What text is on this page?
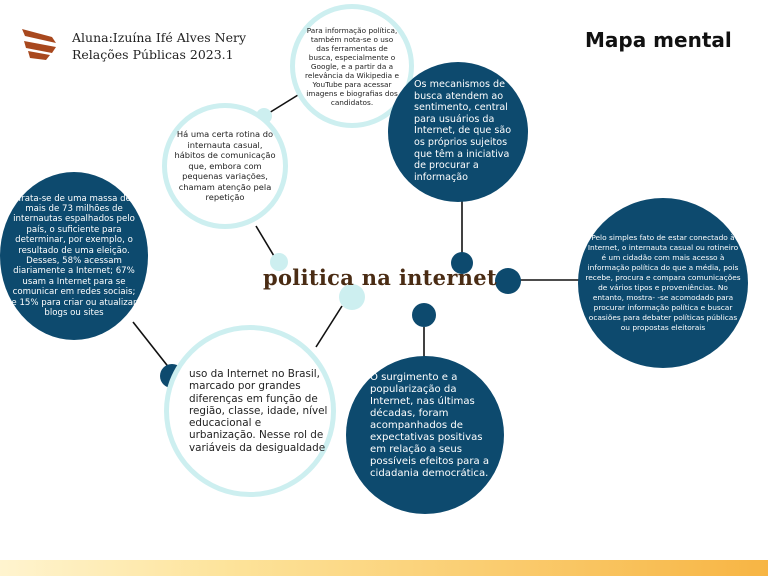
Aluna:Izuína Ifé Alves Nery
Relações Públicas 2023.1
Mapa mental
Para informação política, também nota-se o uso das ferramentas de busca, especialmente o Google, e a partir da a relevância da Wikipedia e YouTube para acessar imagens e biografias dos candidatos.
Há uma certa rotina do internauta casual, hábitos de comunicação que, embora com pequenas variações, chamam atenção pela repetição
Trata-se de uma massa de mais de 73 milhões de internautas espalhados pelo país, o suficiente para determinar, por exemplo, o resultado de uma eleição. Desses, 58% acessam diariamente a Internet; 67% usam a Internet para se comunicar em redes sociais; e 15% para criar ou atualizar blogs ou sites
Os mecanismos de busca atendem ao sentimento, central para usuários da Internet, de que são os próprios sujeitos que têm a iniciativa de procurar a informação
Pelo simples fato de estar conectado à Internet, o internauta casual ou rotineiro é um cidadão com mais acesso à informação política do que a média, pois recebe, procura e compara comunicações de vários tipos e proveniências. No entanto, mostra- -se acomodado para procurar informação política e buscar ocasiões para debater políticas públicas ou propostas eleitorais
uso da Internet no Brasil, marcado por grandes diferenças em função de região, classe, idade, nível educacional e urbanização. Nesse rol de variáveis da desigualdade
O surgimento e a popularização da Internet, nas últimas décadas, foram acompanhados de expectativas positivas em relação a seus possíveis efeitos para a cidadania democrática.
politica na internet
